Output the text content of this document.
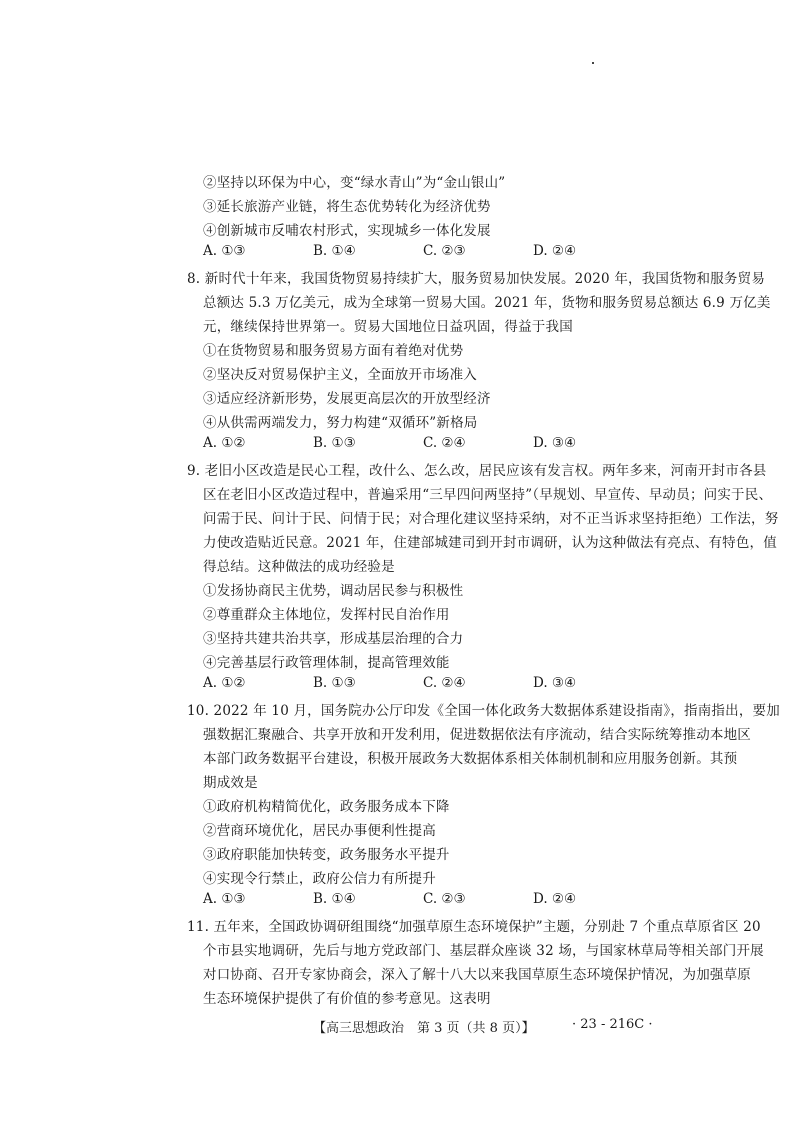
②坚持以环保为中心，变“绿水青山”为“金山银山”
③延长旅游产业链，将生态优势转化为经济优势
④创新城市反哺农村形式，实现城乡一体化发展
A. ①③	B. ①④	C. ②③	D. ②④
8. 新时代十年来，我国货物贸易持续扩大，服务贸易加快发展。2020 年，我国货物和服务贸易
总额达 5.3 万亿美元，成为全球第一贸易大国。2021 年，货物和服务贸易总额达 6.9 万亿美
元，继续保持世界第一。贸易大国地位日益巩固，得益于我国
①在货物贸易和服务贸易方面有着绝对优势
②坚决反对贸易保护主义，全面放开市场准入
③适应经济新形势，发展更高层次的开放型经济
④从供需两端发力，努力构建“双循环”新格局
A. ①②	B. ①③	C. ②④	D. ③④
9. 老旧小区改造是民心工程，改什么、怎么改，居民应该有发言权。两年多来，河南开封市各县
区在老旧小区改造过程中，普遍采用“三早四问两坚持”（早规划、早宣传、早动员；问实于民、
问需于民、问计于民、问情于民；对合理化建议坚持采纳，对不正当诉求坚持拒绝）工作法，努
力使改造贴近民意。2021 年，住建部城建司到开封市调研，认为这种做法有亮点、有特色，值
得总结。这种做法的成功经验是
①发扬协商民主优势，调动居民参与积极性
②尊重群众主体地位，发挥村民自治作用
③坚持共建共治共享，形成基层治理的合力
④完善基层行政管理体制，提高管理效能
A. ①②	B. ①③	C. ②④	D. ③④
10. 2022 年 10 月，国务院办公厅印发《全国一体化政务大数据体系建设指南》，指南指出，要加
强数据汇聚融合、共享开放和开发利用，促进数据依法有序流动，结合实际统筹推动本地区
本部门政务数据平台建设，积极开展政务大数据体系相关体制机制和应用服务创新。其预
期成效是
①政府机构精简优化，政务服务成本下降
②营商环境优化，居民办事便利性提高
③政府职能加快转变，政务服务水平提升
④实现令行禁止，政府公信力有所提升
A. ①③	B. ①④	C. ②③	D. ②④
11. 五年来，全国政协调研组围绕“加强草原生态环境保护”主题，分别赴 7 个重点草原省区 20
个市县实地调研，先后与地方党政部门、基层群众座谈 32 场，与国家林草局等相关部门开展
对口协商、召开专家协商会，深入了解十八大以来我国草原生态环境保护情况，为加强草原
生态环境保护提供了有价值的参考意见。这表明
【高三思想政治　第 3 页（共 8 页）】	· 23 - 216C ·
